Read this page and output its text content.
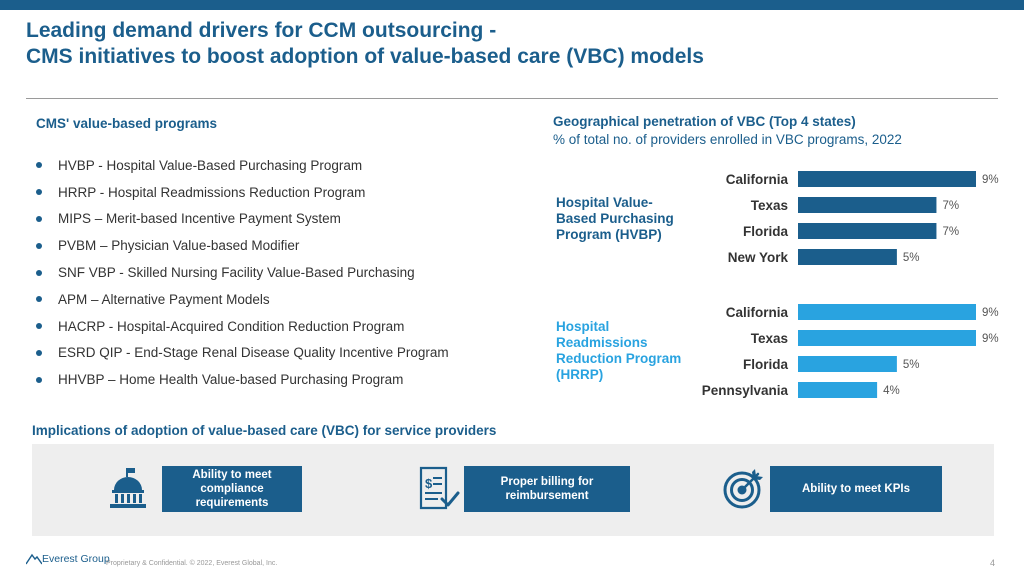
Leading demand drivers for CCM outsourcing -
CMS initiatives to boost adoption of value-based care (VBC) models
CMS' value-based programs
HVBP - Hospital Value-Based Purchasing Program
HRRP - Hospital Readmissions Reduction Program
MIPS – Merit-based Incentive Payment System
PVBM – Physician Value-based Modifier
SNF VBP - Skilled Nursing Facility Value-Based Purchasing
APM – Alternative Payment Models
HACRP - Hospital-Acquired Condition Reduction Program
ESRD QIP - End-Stage Renal Disease Quality Incentive Program
HHVBP – Home Health Value-based Purchasing Program
Geographical penetration of VBC (Top 4 states)
% of total no. of providers enrolled in VBC programs, 2022
Hospital Value-Based Purchasing Program (HVBP)
Hospital Readmissions Reduction Program (HRRP)
California	9%
Texas	7%
Florida	7%
New York	5%
California	9%
Texas	9%
Florida	5%
Pennsylvania	4%
Implications of adoption of value-based care (VBC) for service providers
Ability to meet compliance requirements
$	Proper billing for reimbursement
Ability to meet KPIs
Everest Group
Proprietary & Confidential. © 2022, Everest Global, Inc.	4
